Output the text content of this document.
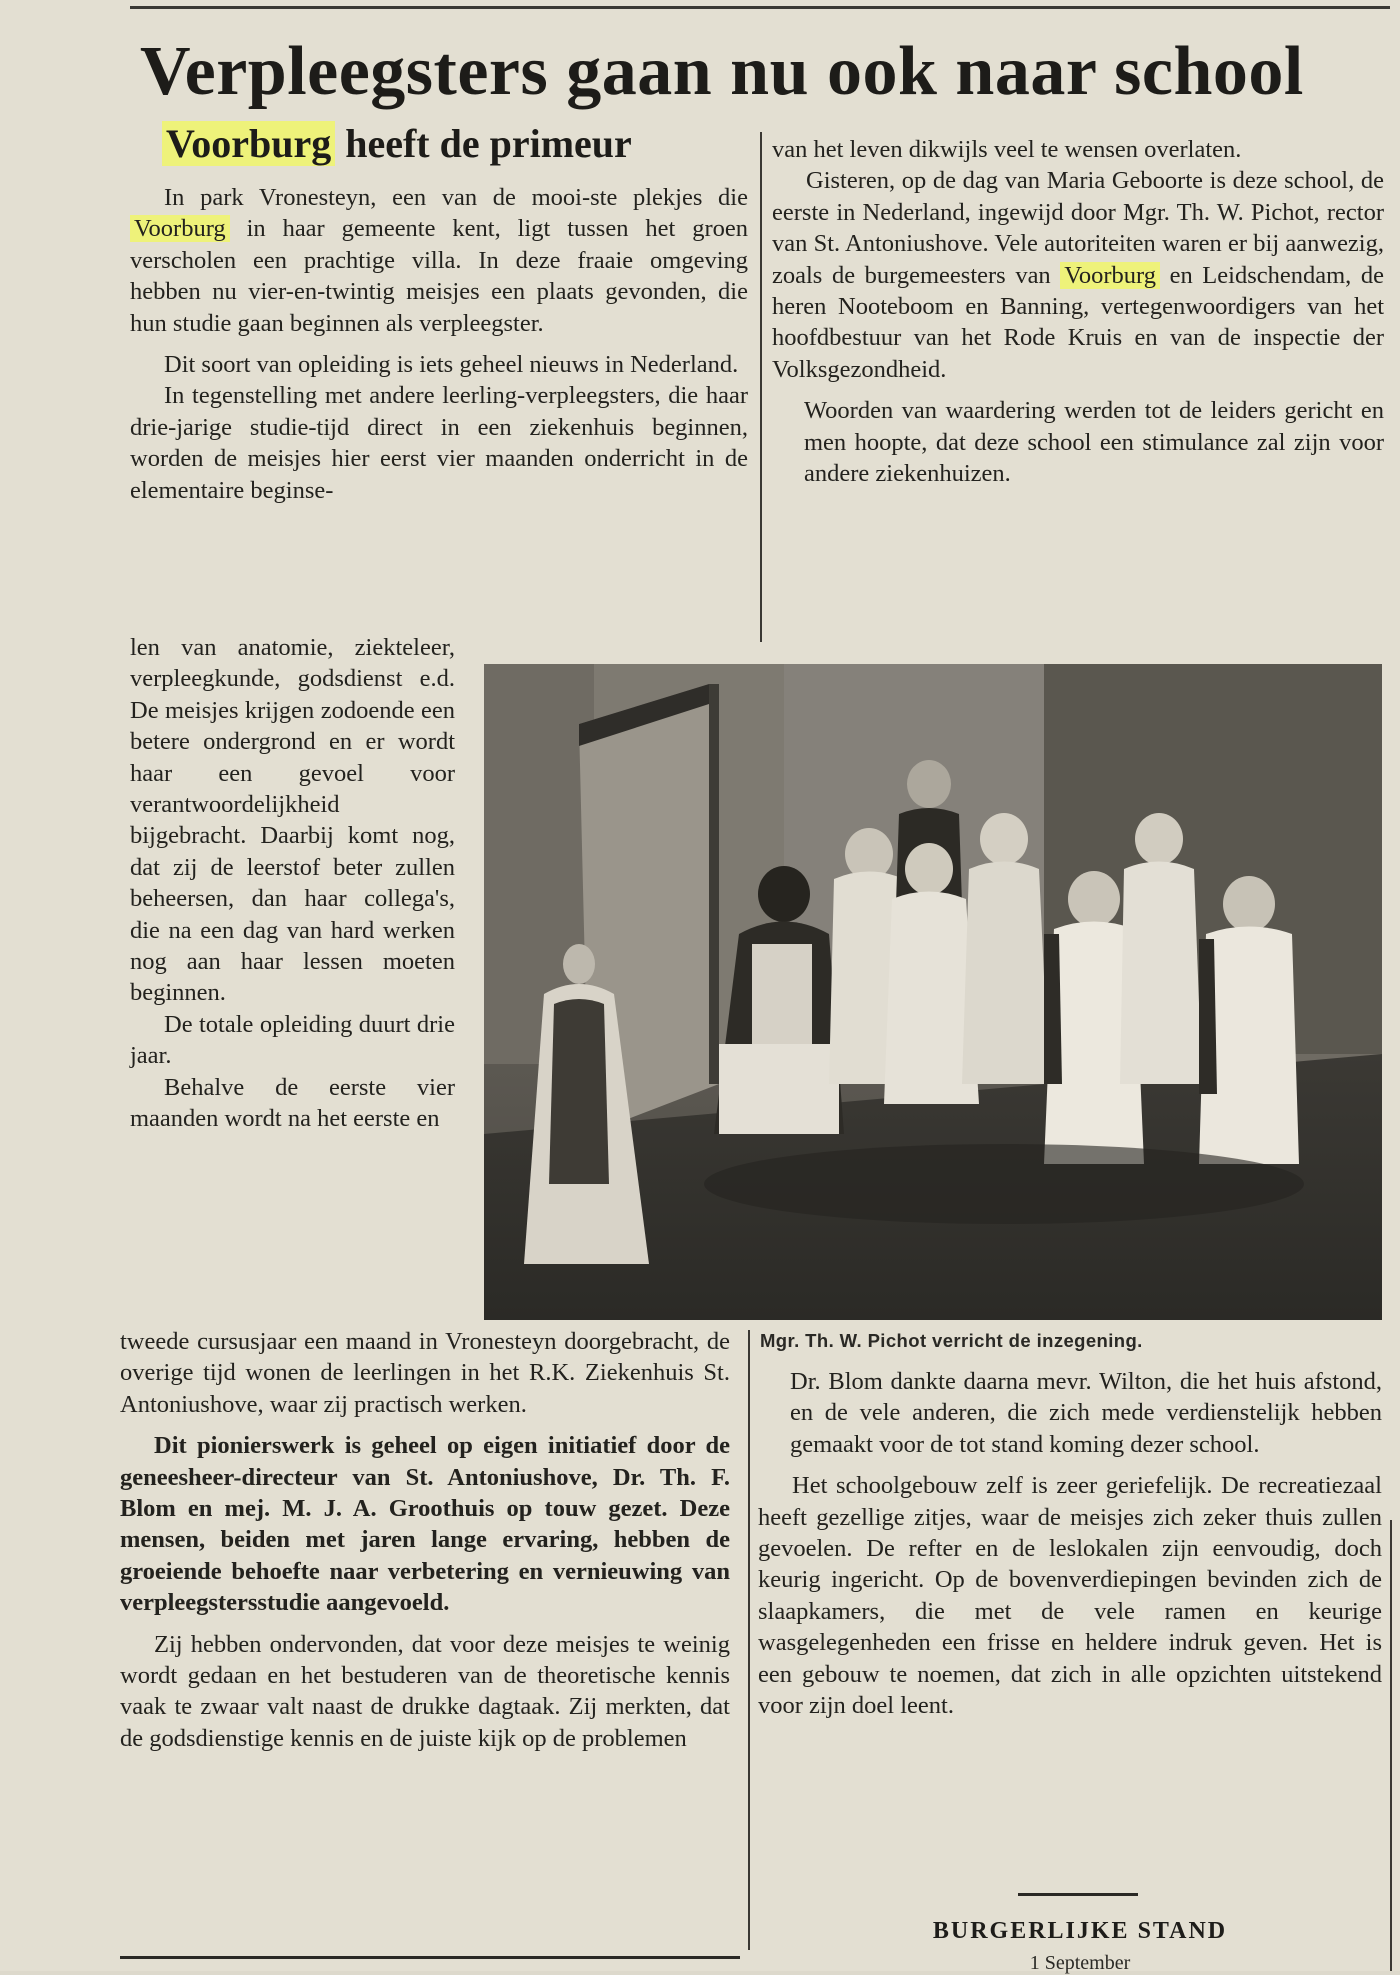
Verpleegsters gaan nu ook naar school
Voorburg heeft de primeur

In park Vronesteyn, een van de mooi-ste plekjes die Voorburg in haar gemeente kent, ligt tussen het groen verscholen een prachtige villa. In deze fraaie omgeving hebben nu vier-en-twintig meisjes een plaats gevonden, die hun studie gaan beginnen als verpleegster.

Dit soort van opleiding is iets geheel nieuws in Nederland.

In tegenstelling met andere leerling-verpleegsters, die haar drie-jarige studie-tijd direct in een ziekenhuis beginnen, worden de meisjes hier eerst vier maanden onderricht in de elementaire beginse-

len van anatomie, ziekteleer, verpleegkunde, godsdienst e.d. De meisjes krijgen zodoende een betere ondergrond en er wordt haar een gevoel voor verantwoordelijkheid bijgebracht. Daarbij komt nog, dat zij de leerstof beter zullen beheersen, dan haar collega's, die na een dag van hard werken nog aan haar lessen moeten beginnen.

De totale opleiding duurt drie jaar.

Behalve de eerste vier maanden wordt na het eerste en

tweede cursusjaar een maand in Vronesteyn doorgebracht, de overige tijd wonen de leerlingen in het R.K. Ziekenhuis St. Antoniushove, waar zij practisch werken.

Dit pionierswerk is geheel op eigen initiatief door de geneesheer-directeur van St. Antoniushove, Dr. Th. F. Blom en mej. M. J. A. Groothuis op touw gezet. Deze mensen, beiden met jaren lange ervaring, hebben de groeiende behoefte naar verbetering en vernieuwing van verpleegstersstudie aangevoeld.

Zij hebben ondervonden, dat voor deze meisjes te weinig wordt gedaan en het bestuderen van de theoretische kennis vaak te zwaar valt naast de drukke dagtaak. Zij merkten, dat de godsdienstige kennis en de juiste kijk op de problemen

van het leven dikwijls veel te wensen overlaten.

Gisteren, op de dag van Maria Geboorte is deze school, de eerste in Nederland, ingewijd door Mgr. Th. W. Pichot, rector van St. Antoniushove. Vele autoriteiten waren er bij aanwezig, zoals de burgemeesters van Voorburg en Leidschendam, de heren Nooteboom en Banning, vertegenwoordigers van het hoofdbestuur van het Rode Kruis en van de inspectie der Volksgezondheid.

Woorden van waardering werden tot de leiders gericht en men hoopte, dat deze school een stimulance zal zijn voor andere ziekenhuizen.

Mgr. Th. W. Pichot verricht de inzegening.

Dr. Blom dankte daarna mevr. Wilton, die het huis afstond, en de vele anderen, die zich mede verdienstelijk hebben gemaakt voor de tot stand koming dezer school.

Het schoolgebouw zelf is zeer geriefelijk. De recreatiezaal heeft gezellige zitjes, waar de meisjes zich zeker thuis zullen gevoelen. De refter en de leslokalen zijn eenvoudig, doch keurig ingericht. Op de bovenverdiepingen bevinden zich de slaapkamers, die met de vele ramen en keurige wasgelegenheden een frisse en heldere indruk geven. Het is een gebouw te noemen, dat zich in alle opzichten uitstekend voor zijn doel leent.

BURGERLIJKE STAND
1 September
